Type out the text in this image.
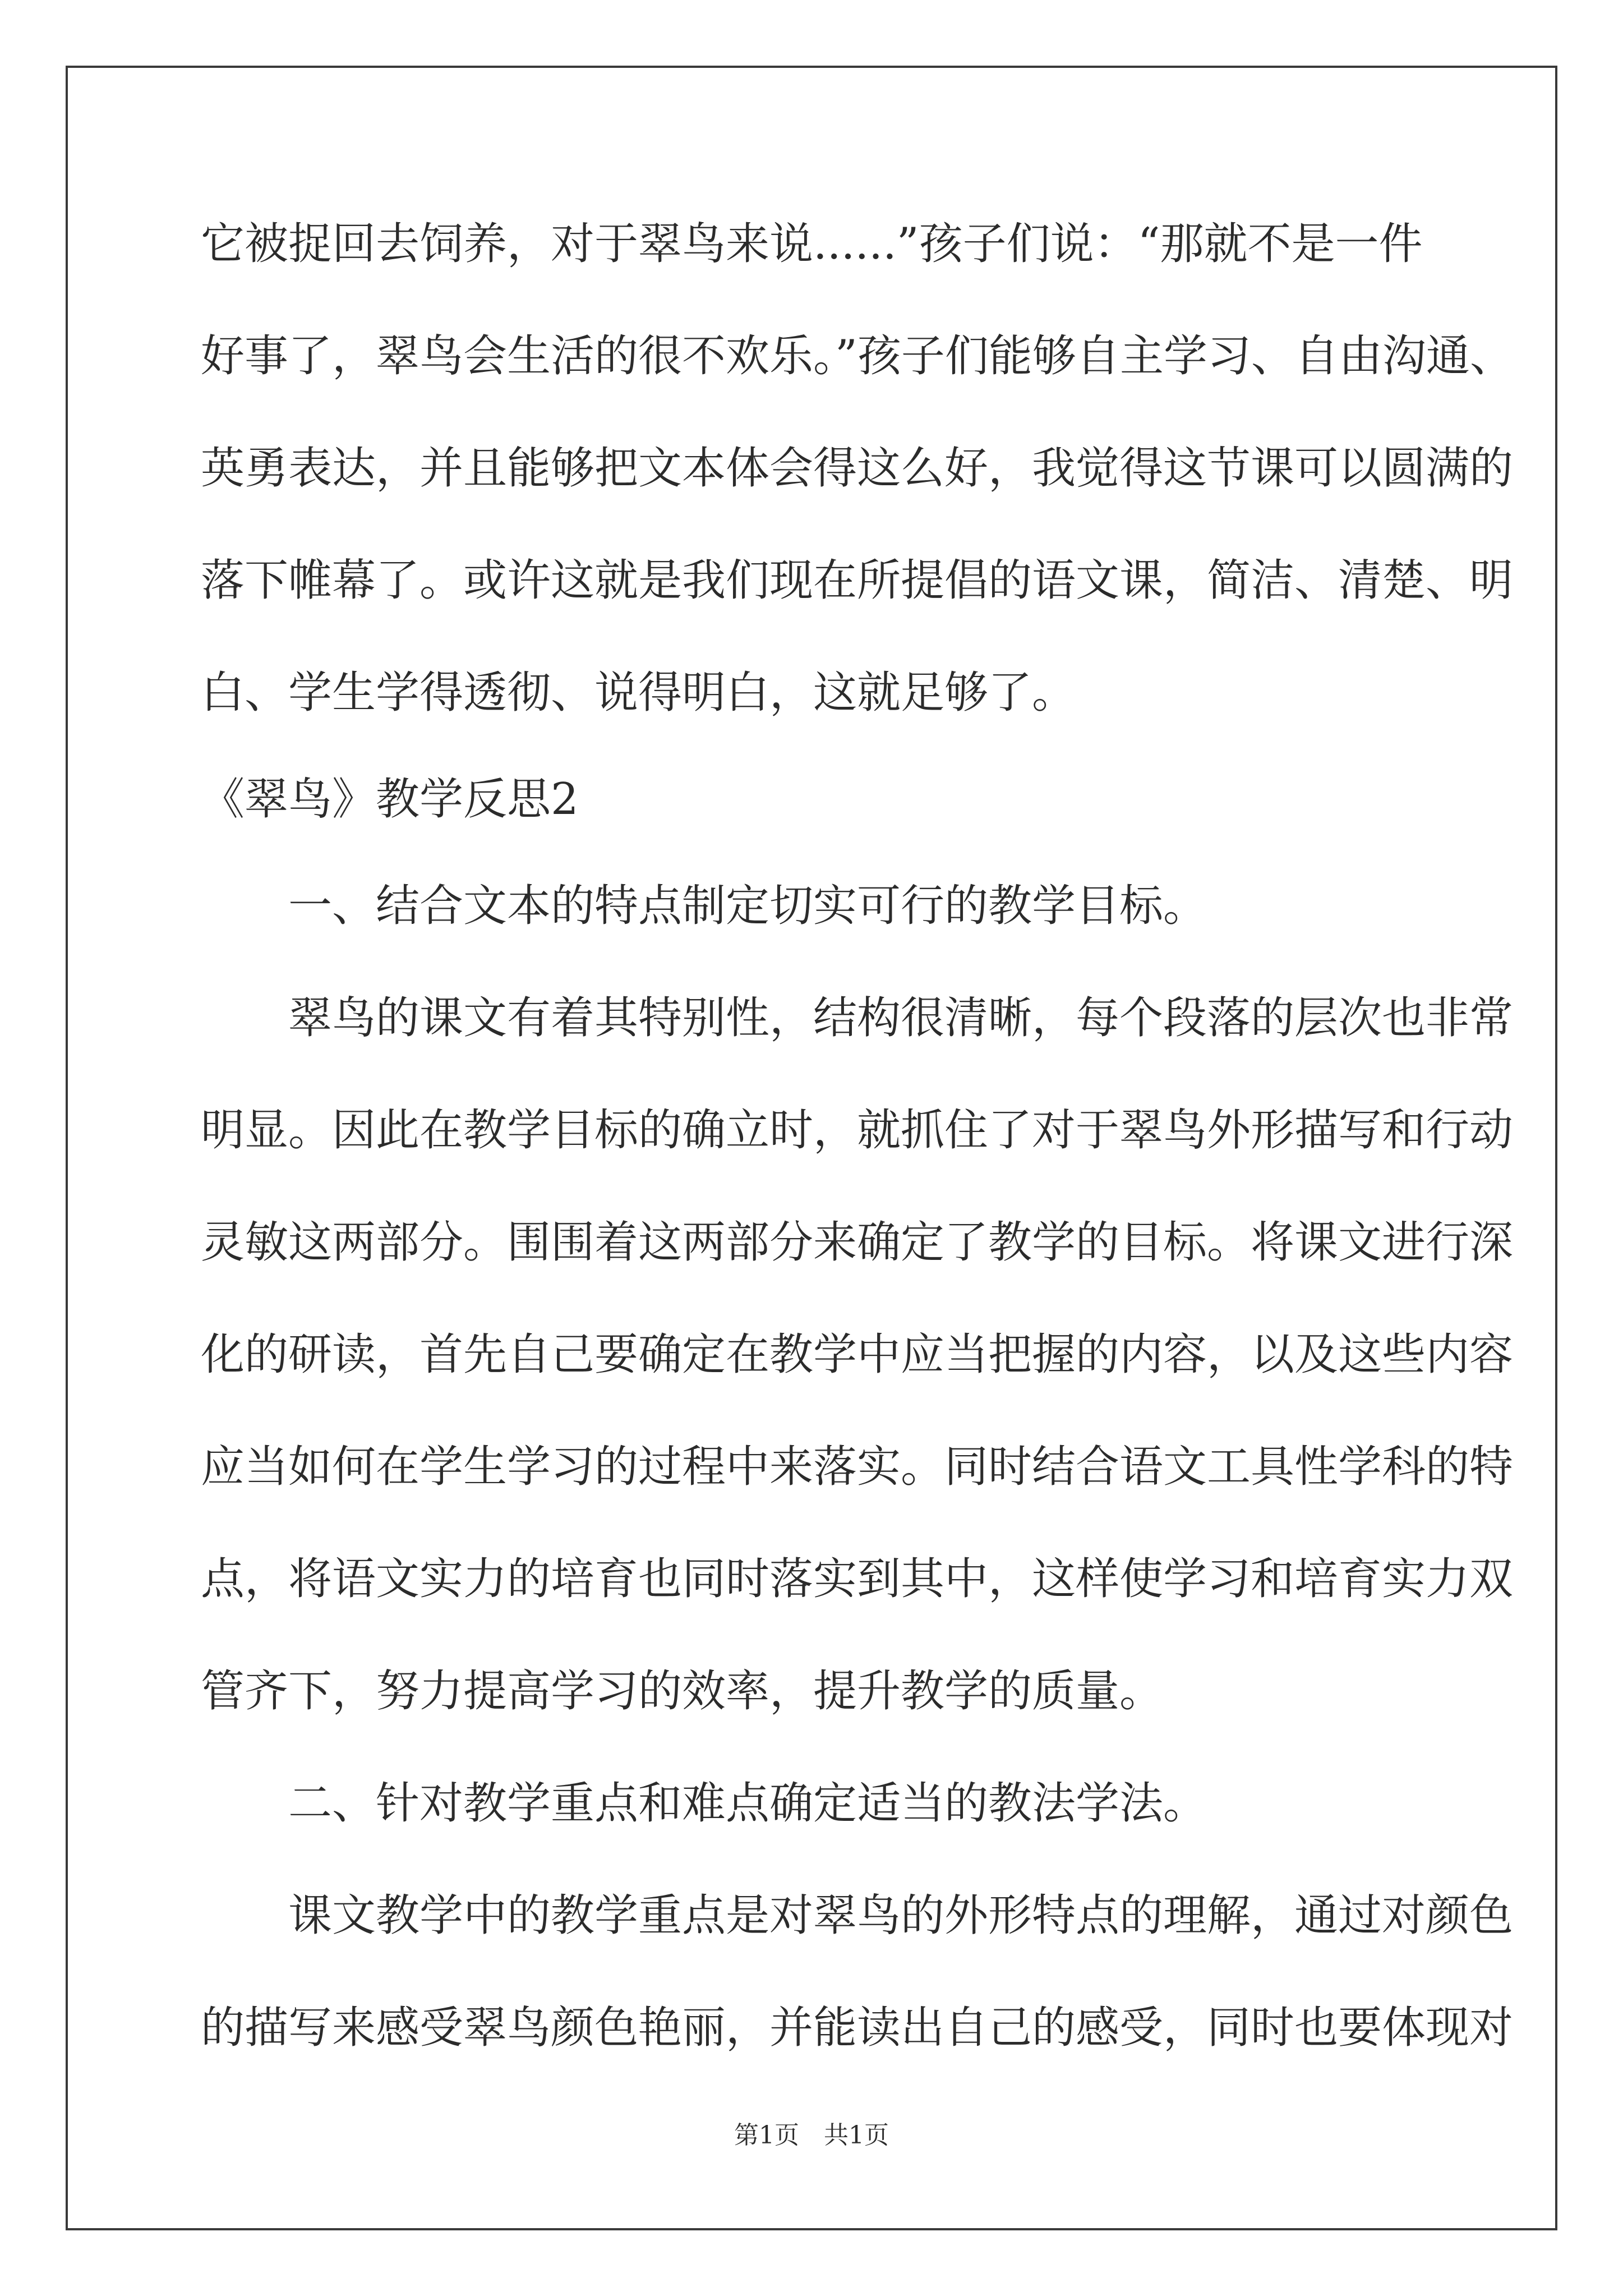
它被捉回去饲养，对于翠鸟来说......”孩子们说：“那就不是一件
好事了，翠鸟会生活的很不欢乐。”孩子们能够自主学习、自由沟通、
英勇表达，并且能够把文本体会得这么好，我觉得这节课可以圆满的
落下帷幕了。或许这就是我们现在所提倡的语文课，简洁、清楚、明
白、学生学得透彻、说得明白，这就足够了。
《翠鸟》教学反思2
　　一、结合文本的特点制定切实可行的教学目标。
　　翠鸟的课文有着其特别性，结构很清晰，每个段落的层次也非常
明显。因此在教学目标的确立时，就抓住了对于翠鸟外形描写和行动
灵敏这两部分。围围着这两部分来确定了教学的目标。将课文进行深
化的研读，首先自己要确定在教学中应当把握的内容，以及这些内容
应当如何在学生学习的过程中来落实。同时结合语文工具性学科的特
点，将语文实力的培育也同时落实到其中，这样使学习和培育实力双
管齐下，努力提高学习的效率，提升教学的质量。
　　二、针对教学重点和难点确定适当的教法学法。
　　课文教学中的教学重点是对翠鸟的外形特点的理解，通过对颜色
的描写来感受翠鸟颜色艳丽，并能读出自己的感受，同时也要体现对
第1页　共1页
